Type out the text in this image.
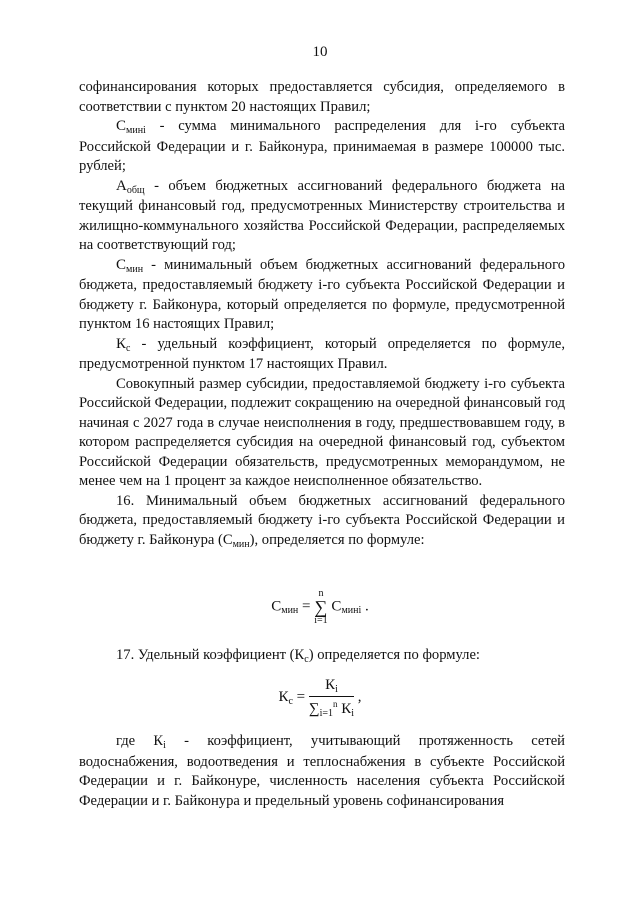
10

софинансирования которых предоставляется субсидия, определяемого в соответствии с пунктом 20 настоящих Правил;

$С_{мині}$ - сумма минимального распределения для i-го субъекта Российской Федерации и г. Байконура, принимаемая в размере 100000 тыс. рублей;

$А_{общ}$ - объем бюджетных ассигнований федерального бюджета на текущий финансовый год, предусмотренных Министерству строительства и жилищно-коммунального хозяйства Российской Федерации, распределяемых на соответствующий год;

$С_{мин}$ - минимальный объем бюджетных ассигнований федерального бюджета, предоставляемый бюджету i-го субъекта Российской Федерации и бюджету г. Байконура, который определяется по формуле, предусмотренной пунктом 16 настоящих Правил;

$К_с$ - удельный коэффициент, который определяется по формуле, предусмотренной пунктом 17 настоящих Правил.

Совокупный размер субсидии, предоставляемой бюджету i-го субъекта Российской Федерации, подлежит сокращению на очередной финансовый год начиная с 2027 года в случае неисполнения в году, предшествовавшем году, в котором распределяется субсидия на очередной финансовый год, субъектом Российской Федерации обязательств, предусмотренных меморандумом, не менее чем на 1 процент за каждое неисполненное обязательство.

16. Минимальный объем бюджетных ассигнований федерального бюджета, предоставляемый бюджету i-го субъекта Российской Федерации и бюджету г. Байконура $(С_{мин})$, определяется по формуле:

$С_{мин}$ =
n
∑
i=1
$С_{мині}$ .

17. Удельный коэффициент $(К_с)$ определяется по формуле:

$К_с = \frac{К_i}{\sum_{i=1}^n К_i}$ ,

где $К_i$ - коэффициент, учитывающий протяженность сетей водоснабжения, водоотведения и теплоснабжения в субъекте Российской Федерации и г. Байконуре, численность населения субъекта Российской Федерации и г. Байконура и предельный уровень софинансирования
